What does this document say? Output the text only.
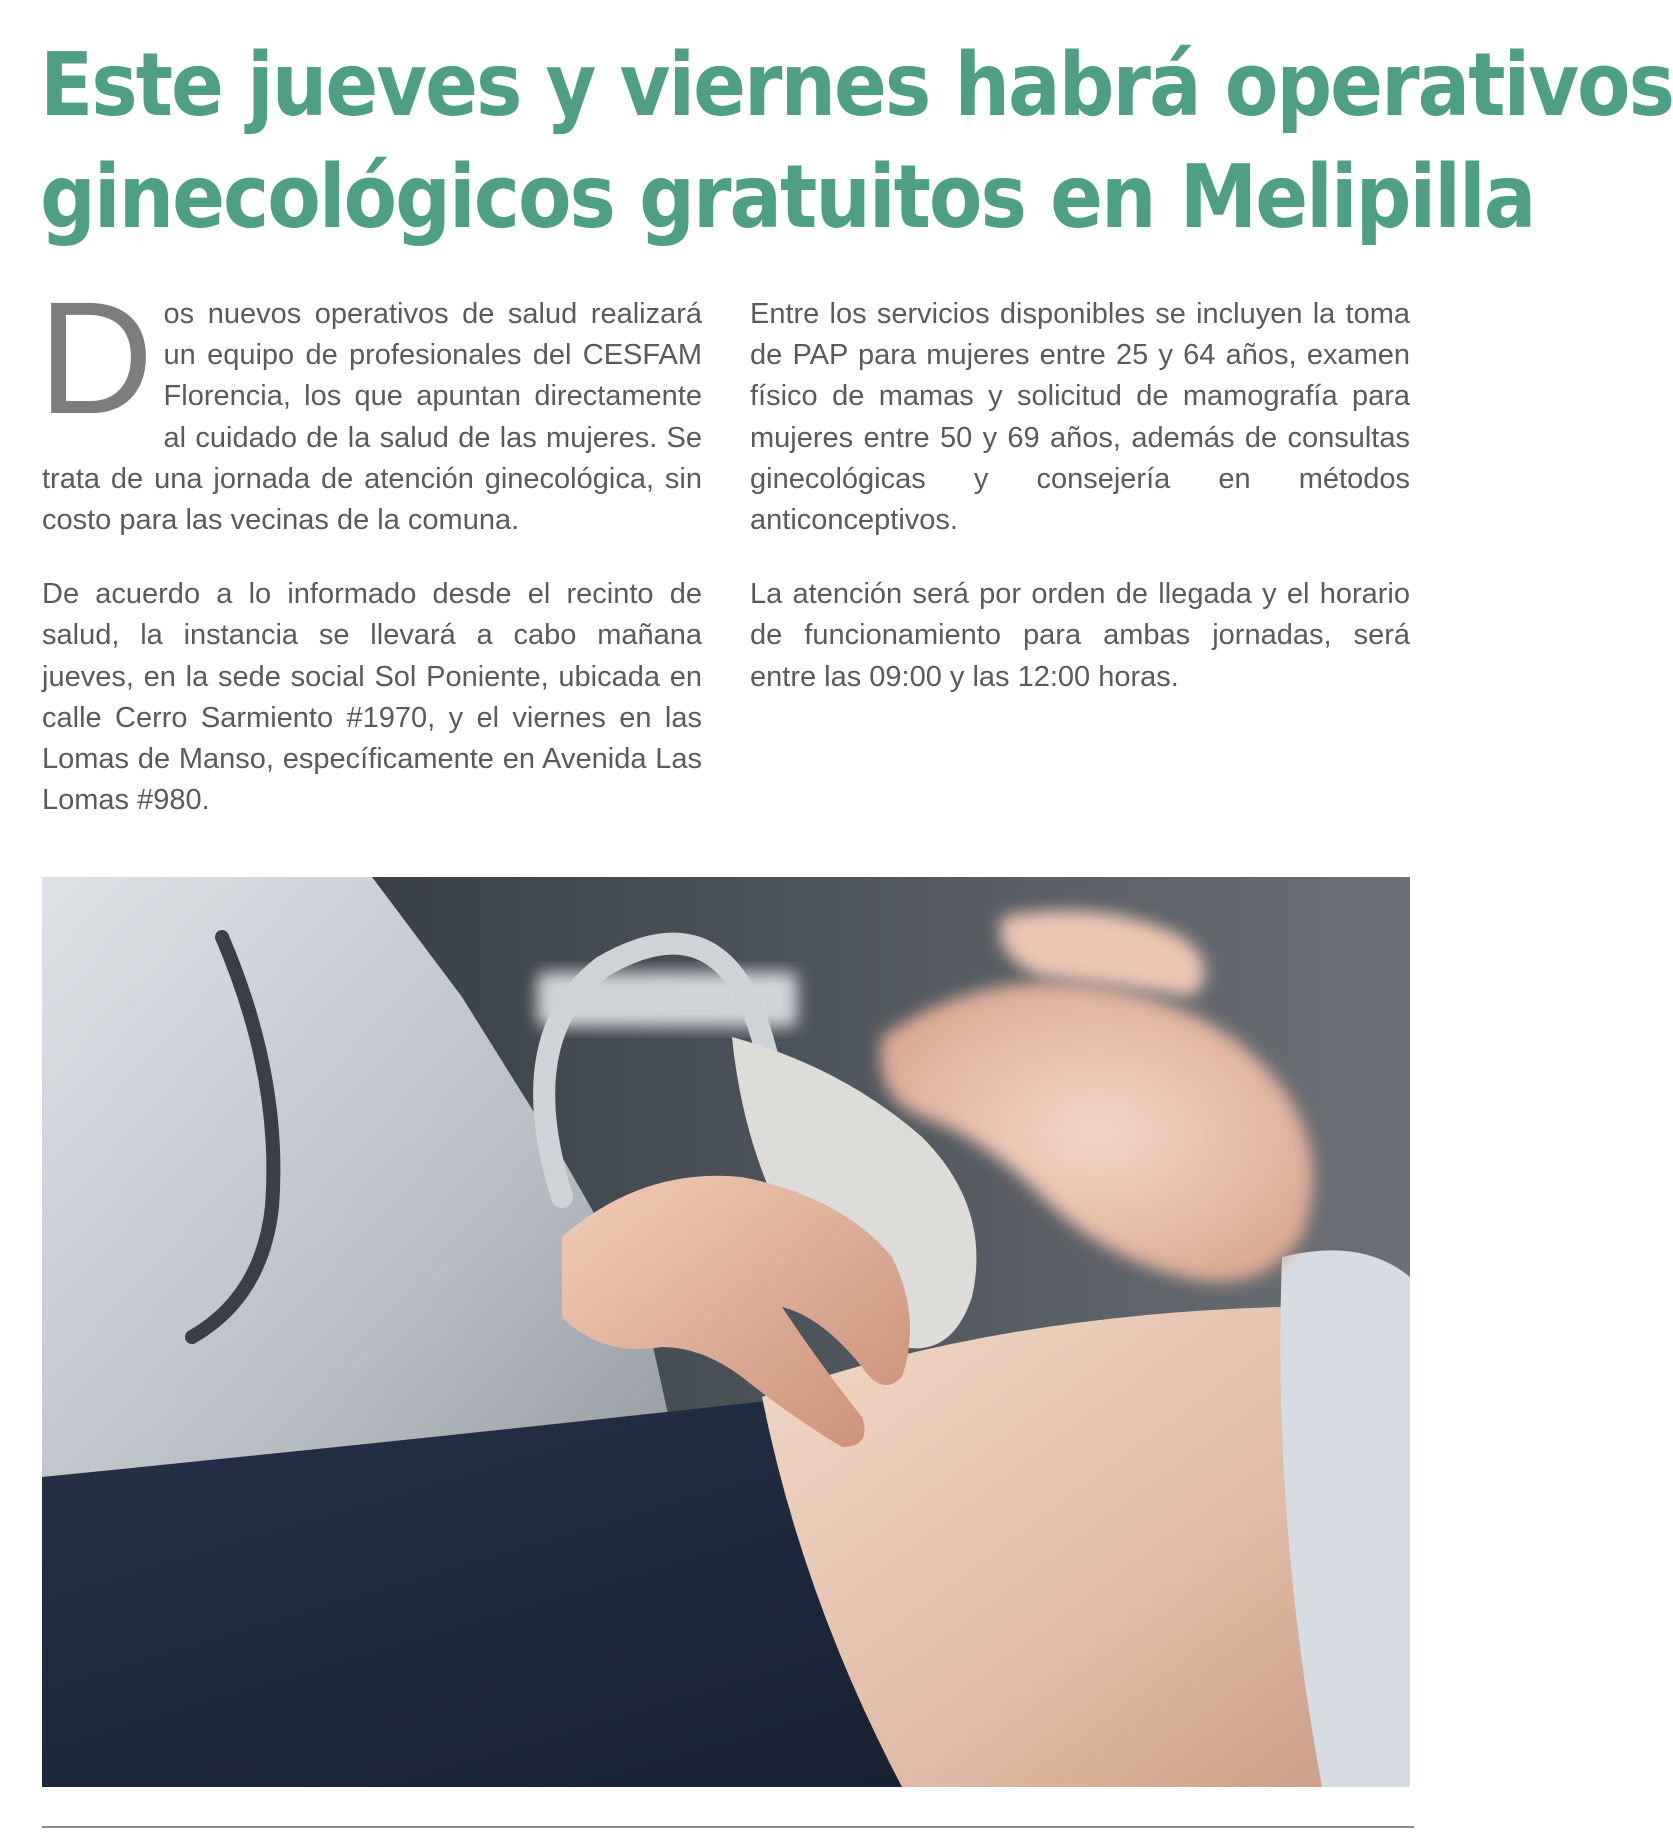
Este jueves y viernes habrá operativos
ginecológicos gratuitos en Melipilla

Dos nuevos operativos de salud realizará un equipo de profesionales del CESFAM Florencia, los que apuntan directamente al cuidado de la salud de las mujeres. Se trata de una jornada de atención ginecológica, sin costo para las vecinas de la comuna.

De acuerdo a lo informado desde el recinto de salud, la instancia se llevará a cabo mañana jueves, en la sede social Sol Poniente, ubicada en calle Cerro Sarmiento #1970, y el viernes en las Lomas de Manso, específicamente en Avenida Las Lomas #980.

Entre los servicios disponibles se incluyen la toma de PAP para mujeres entre 25 y 64 años, examen físico de mamas y solicitud de mamografía para mujeres entre 50 y 69 años, además de consultas ginecológicas y consejería en métodos anticonceptivos.

La atención será por orden de llegada y el horario de funcionamiento para ambas jornadas, será entre las 09:00 y las 12:00 horas.
